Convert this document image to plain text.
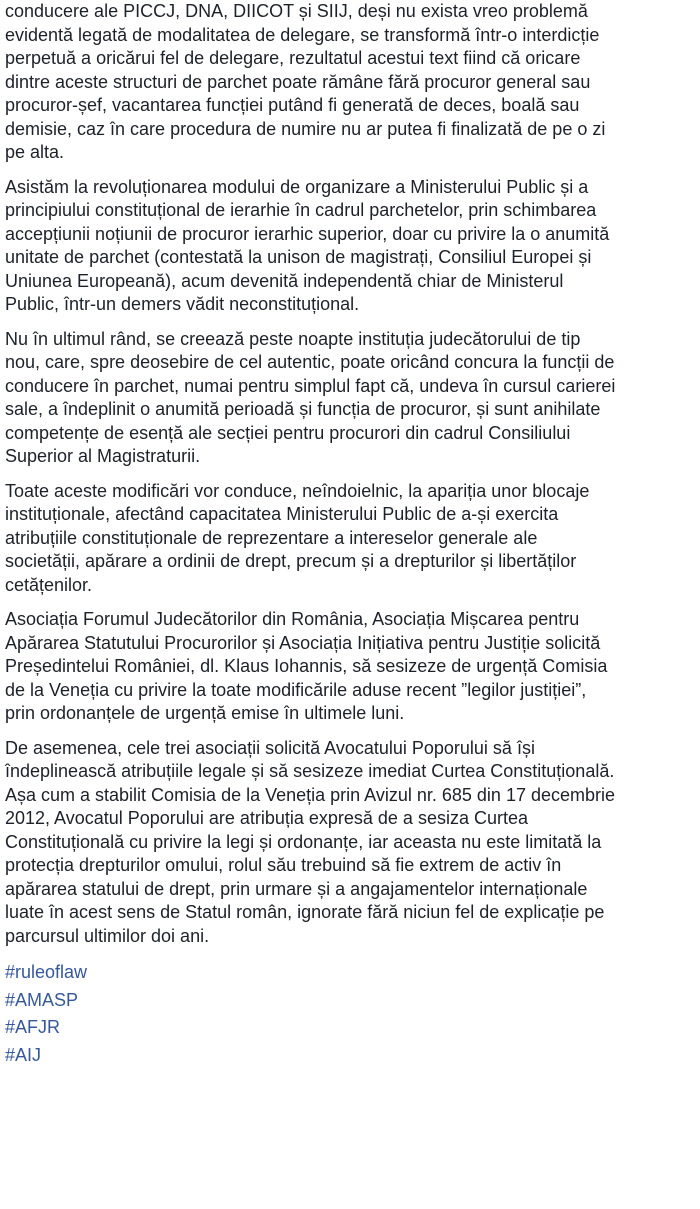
conducere ale PICCJ, DNA, DIICOT și SIIJ, deși nu exista vreo problemă
evidentă legată de modalitatea de delegare, se transformă într-o interdicție
perpetuă a oricărui fel de delegare, rezultatul acestui text fiind că oricare
dintre aceste structuri de parchet poate rămâne fără procuror general sau
procuror-șef, vacantarea funcției putând fi generată de deces, boală sau
demisie, caz în care procedura de numire nu ar putea fi finalizată de pe o zi
pe alta.

Asistăm la revoluționarea modului de organizare a Ministerului Public și a
principiului constituțional de ierarhie în cadrul parchetelor, prin schimbarea
accepțiunii noțiunii de procuror ierarhic superior, doar cu privire la o anumită
unitate de parchet (contestată la unison de magistrați, Consiliul Europei și
Uniunea Europeană), acum devenită independentă chiar de Ministerul
Public, într-un demers vădit neconstituțional.

Nu în ultimul rând, se creează peste noapte instituția judecătorului de tip
nou, care, spre deosebire de cel autentic, poate oricând concura la funcții de
conducere în parchet, numai pentru simplul fapt că, undeva în cursul carierei
sale, a îndeplinit o anumită perioadă și funcția de procuror, și sunt anihilate
competențe de esență ale secției pentru procurori din cadrul Consiliului
Superior al Magistraturii.

Toate aceste modificări vor conduce, neîndoielnic, la apariția unor blocaje
instituționale, afectând capacitatea Ministerului Public de a-și exercita
atribuțiile constituționale de reprezentare a intereselor generale ale
societății, apărare a ordinii de drept, precum și a drepturilor și libertăților
cetățenilor.

Asociația Forumul Judecătorilor din România, Asociația Mișcarea pentru
Apărarea Statutului Procurorilor și Asociația Inițiativa pentru Justiție solicită
Președintelui României, dl. Klaus Iohannis, să sesizeze de urgență Comisia
de la Veneția cu privire la toate modificările aduse recent ”legilor justiției”,
prin ordonanțele de urgență emise în ultimele luni.

De asemenea, cele trei asociații solicită Avocatului Poporului să își
îndeplinească atribuțiile legale și să sesizeze imediat Curtea Constituțională.
Așa cum a stabilit Comisia de la Veneția prin Avizul nr. 685 din 17 decembrie
2012, Avocatul Poporului are atribuția expresă de a sesiza Curtea
Constituțională cu privire la legi și ordonanțe, iar aceasta nu este limitată la
protecția drepturilor omului, rolul său trebuind să fie extrem de activ în
apărarea statului de drept, prin urmare și a angajamentelor internaționale
luate în acest sens de Statul român, ignorate fără niciun fel de explicație pe
parcursul ultimilor doi ani.

#ruleoflaw
#AMASP
#AFJR
#AIJ
